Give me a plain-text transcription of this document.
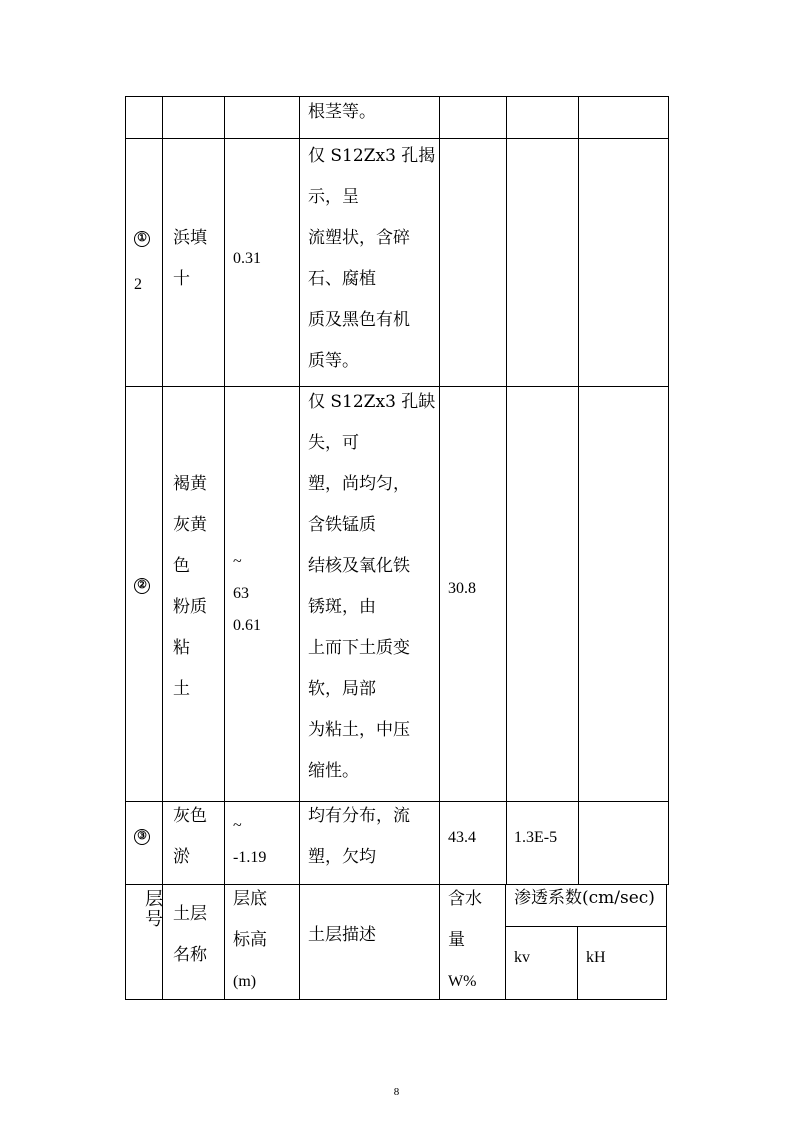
根茎等。
①
2
浜填
十
0.31
仅 S12Zx3 孔揭
示，呈
流塑状，含碎
石、腐植
质及黑色有机
质等。
②
褐黄
灰黄
色
粉质
粘
土
~
63
0.61
仅 S12Zx3 孔缺
失，可
塑，尚均匀，
含铁锰质
结核及氧化铁
锈斑，由
上而下土质变
软，局部
为粘土，中压
缩性。
30.8
③
灰色
淤
~
-1.19
均有分布，流
塑，欠均
43.4 1.3E-5
层
号 土层
名称
层底
标高
(m)
土层描述
含水
量
W%
渗透系数(cm/sec)
kv	kH
8
